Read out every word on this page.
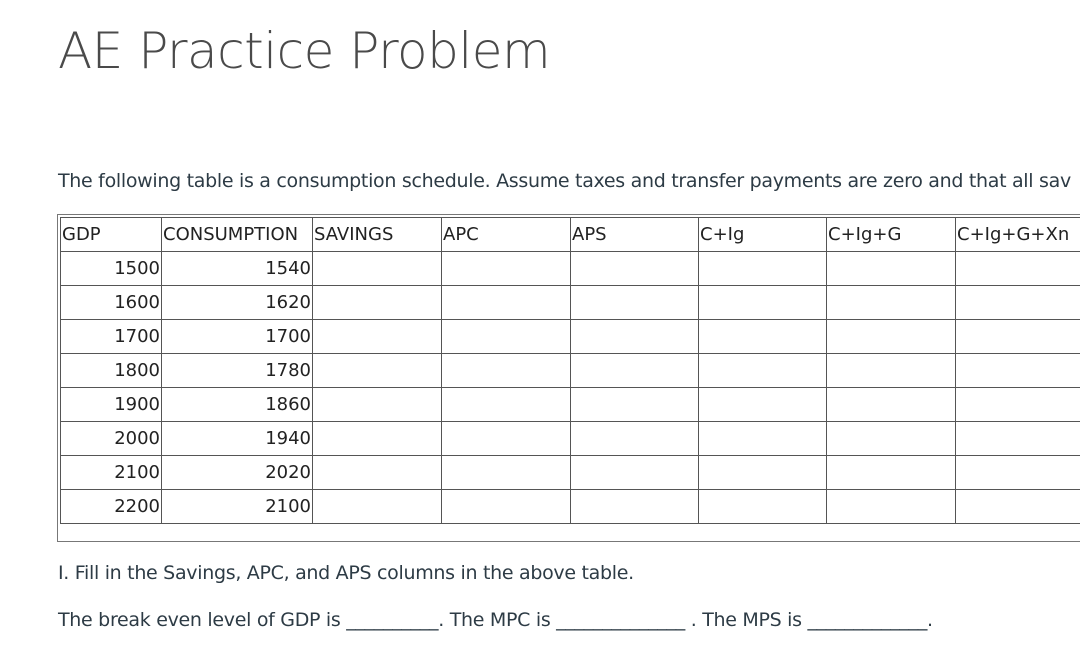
AE Practice Problem
The following table is a consumption schedule. Assume taxes and transfer payments are zero and that all sav
GDP	CONSUMPTION	SAVINGS	APC	APS	C+Ig	C+Ig+G	C+Ig+G+Xn
1500	1540						
1600	1620						
1700	1700						
1800	1780						
1900	1860						
2000	1940						
2100	2020						
2200	2100						
I. Fill in the Savings, APC, and APS columns in the above table.
The break even level of GDP is __________. The MPC is ______________ . The MPS is _____________.
